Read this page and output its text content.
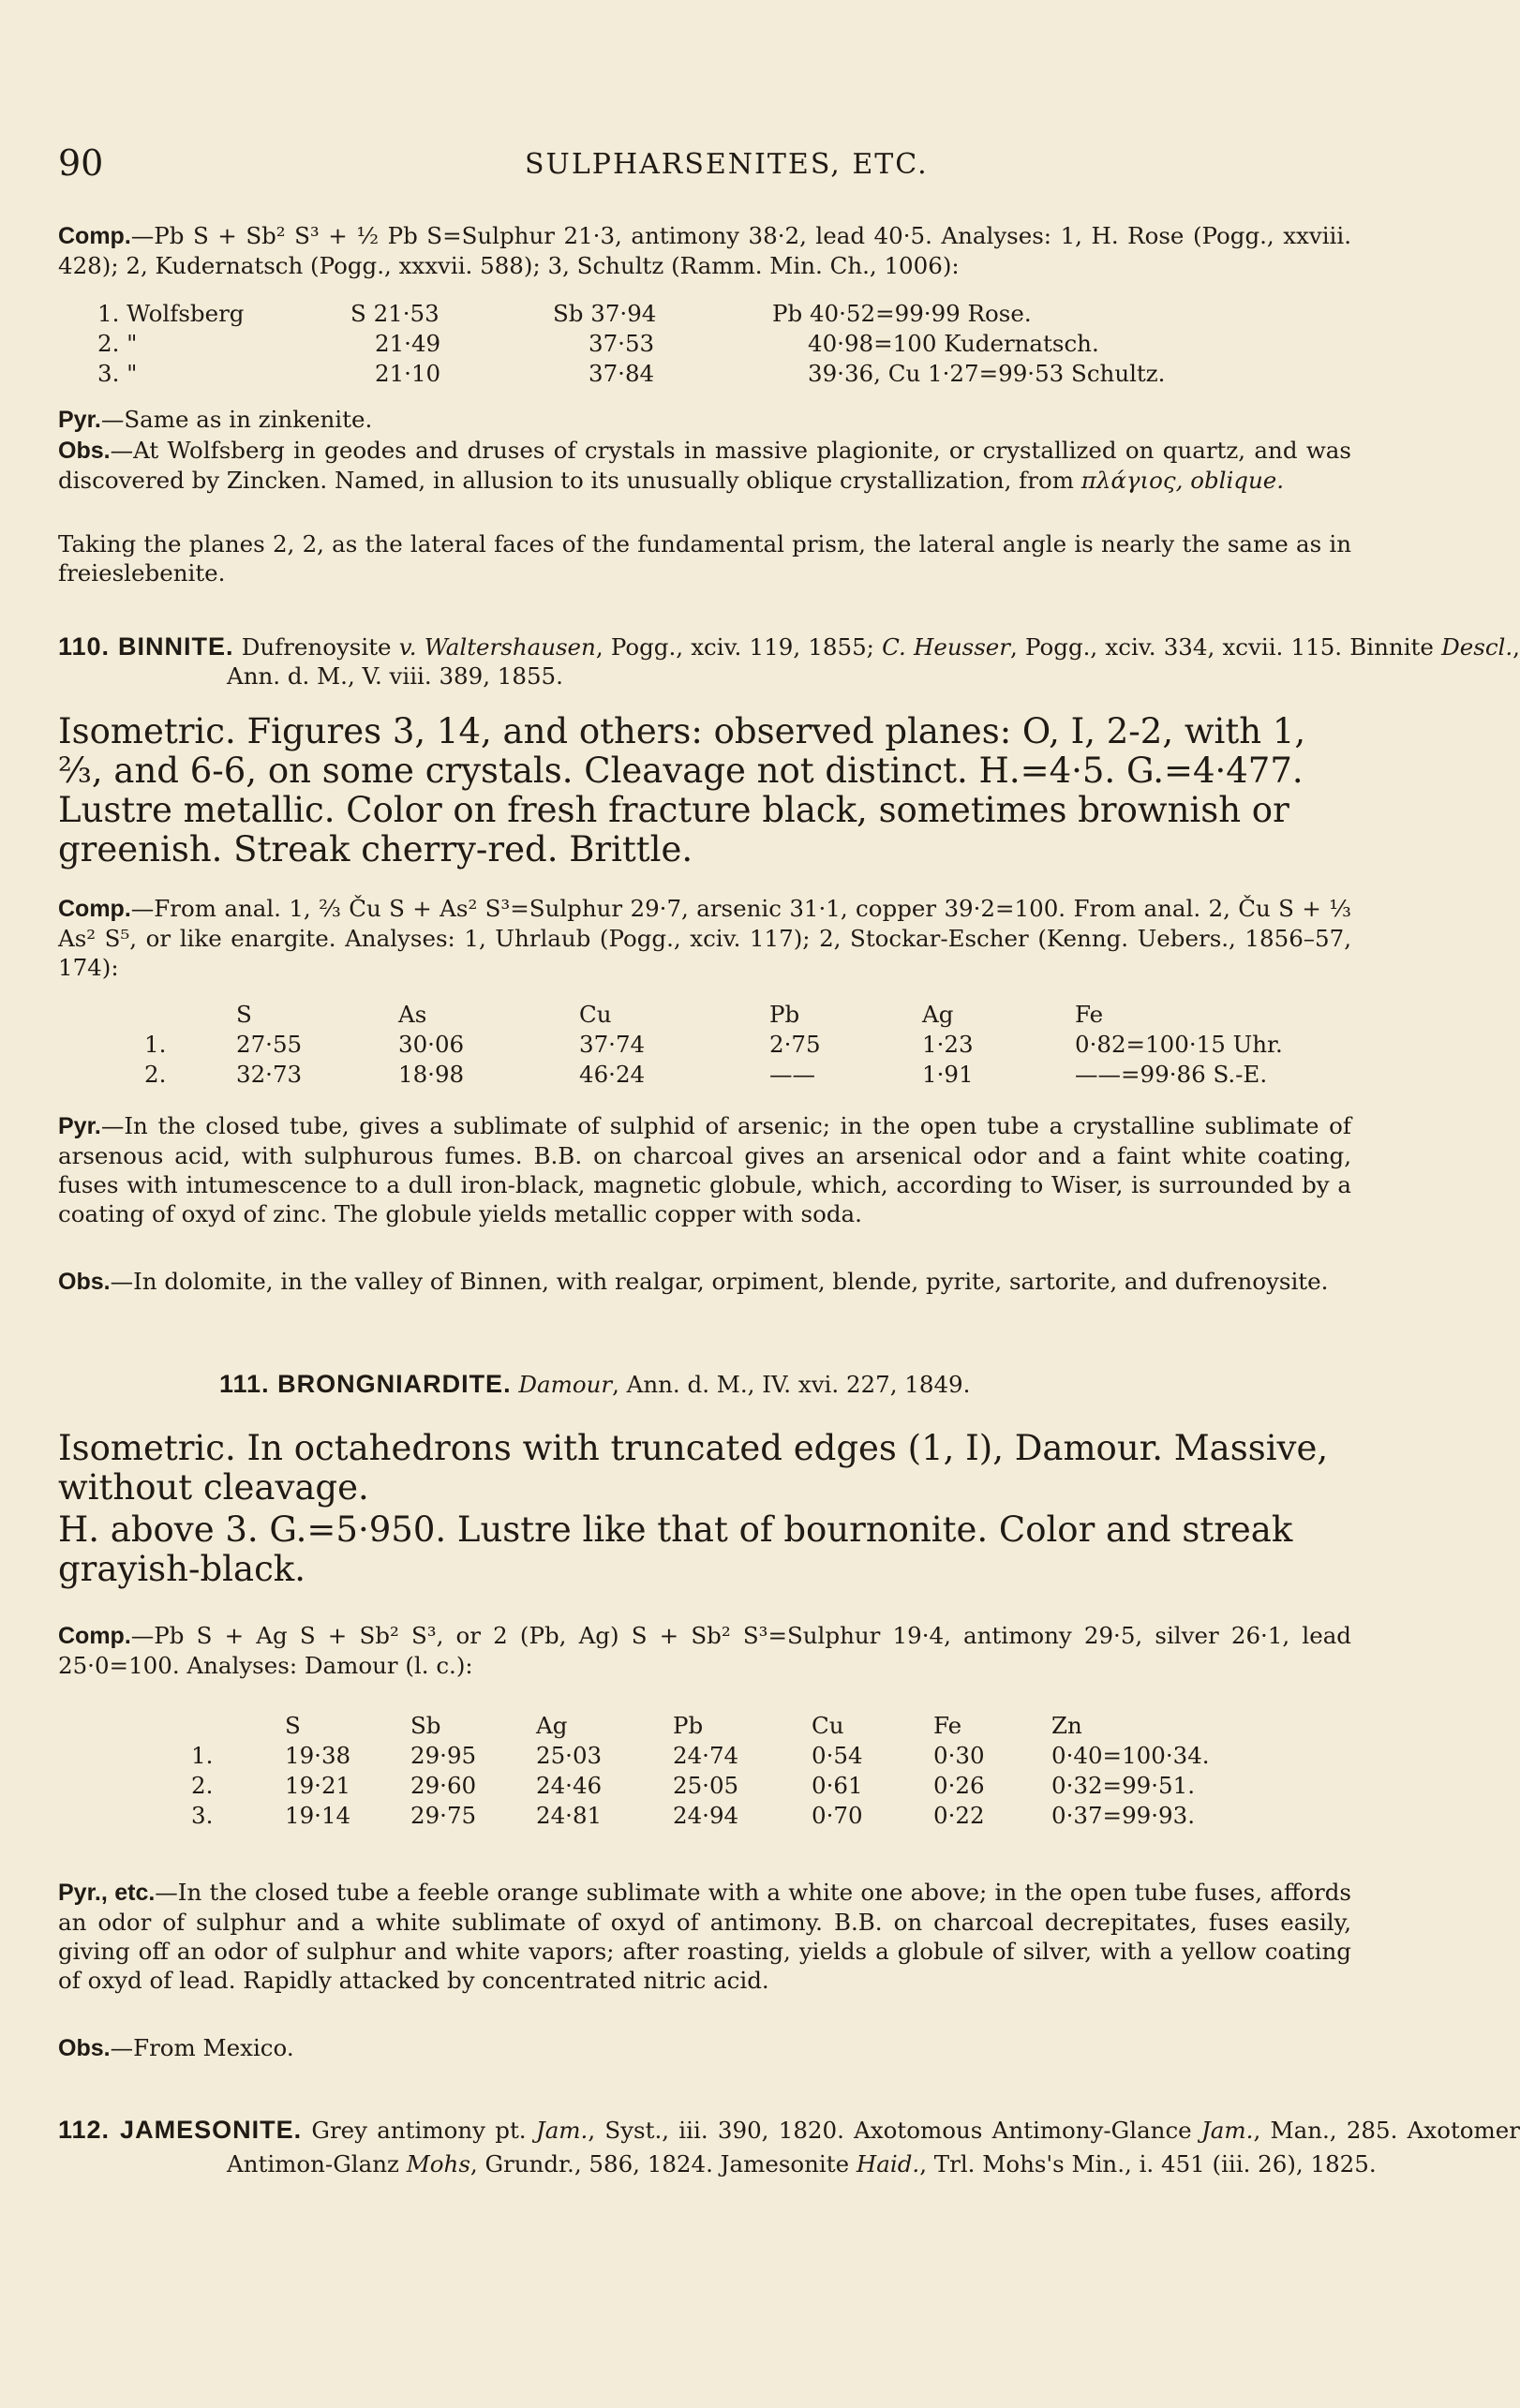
90	SULPHARSENITES, ETC.
Comp.—Pb S + Sb² S³ + ½ Pb S=Sulphur 21·3, antimony 38·2, lead 40·5. Analyses: 1, H. Rose (Pogg., xxviii. 428); 2, Kudernatsch (Pogg., xxxvii. 588); 3, Schultz (Ramm. Min. Ch., 1006):
1. Wolfsberg	S 21·53	Sb 37·94	Pb 40·52=99·99 Rose.
2. "	21·49	37·53	40·98=100 Kudernatsch.
3. "	21·10	37·84	39·36, Cu 1·27=99·53 Schultz.
Pyr.—Same as in zinkenite.
Obs.—At Wolfsberg in geodes and druses of crystals in massive plagionite, or crystallized on quartz, and was discovered by Zincken. Named, in allusion to its unusually oblique crystallization, from πλάγιος, oblique.
Taking the planes 2, 2, as the lateral faces of the fundamental prism, the lateral angle is nearly the same as in freieslebenite.
110. BINNITE. Dufrenoysite v. Waltershausen, Pogg., xciv. 119, 1855; C. Heusser, Pogg., xciv. 334, xcvii. 115. Binnite Descl., Ann. d. M., V. viii. 389, 1855.
Isometric. Figures 3, 14, and others: observed planes: O, I, 2-2, with 1, ⅔, and 6-6, on some crystals. Cleavage not distinct. H.=4·5. G.=4·477. Lustre metallic. Color on fresh fracture black, sometimes brownish or greenish. Streak cherry-red. Brittle.
Comp.—From anal. 1, ⅔ Ču S + As² S³=Sulphur 29·7, arsenic 31·1, copper 39·2=100. From anal. 2, Ču S + ⅓ As² S⁵, or like enargite. Analyses: 1, Uhrlaub (Pogg., xciv. 117); 2, Stockar-Escher (Kenng. Uebers., 1856–57, 174):
	S	As	Cu	Pb	Ag	Fe
1.	27·55	30·06	37·74	2·75	1·23	0·82=100·15 Uhr.
2.	32·73	18·98	46·24	——	1·91	——=99·86 S.-E.
Pyr.—In the closed tube, gives a sublimate of sulphid of arsenic; in the open tube a crystalline sublimate of arsenous acid, with sulphurous fumes. B.B. on charcoal gives an arsenical odor and a faint white coating, fuses with intumescence to a dull iron-black, magnetic globule, which, according to Wiser, is surrounded by a coating of oxyd of zinc. The globule yields metallic copper with soda.
Obs.—In dolomite, in the valley of Binnen, with realgar, orpiment, blende, pyrite, sartorite, and dufrenoysite.
111. BRONGNIARDITE. Damour, Ann. d. M., IV. xvi. 227, 1849.
Isometric. In octahedrons with truncated edges (1, I), Damour. Massive, without cleavage.
H. above 3. G.=5·950. Lustre like that of bournonite. Color and streak grayish-black.
Comp.—Pb S + Ag S + Sb² S³, or 2 (Pb, Ag) S + Sb² S³=Sulphur 19·4, antimony 29·5, silver 26·1, lead 25·0=100. Analyses: Damour (l. c.):
	S	Sb	Ag	Pb	Cu	Fe	Zn
1.	19·38	29·95	25·03	24·74	0·54	0·30	0·40=100·34.
2.	19·21	29·60	24·46	25·05	0·61	0·26	0·32=99·51.
3.	19·14	29·75	24·81	24·94	0·70	0·22	0·37=99·93.
Pyr., etc.—In the closed tube a feeble orange sublimate with a white one above; in the open tube fuses, affords an odor of sulphur and a white sublimate of oxyd of antimony. B.B. on charcoal decrepitates, fuses easily, giving off an odor of sulphur and white vapors; after roasting, yields a globule of silver, with a yellow coating of oxyd of lead. Rapidly attacked by concentrated nitric acid.
Obs.—From Mexico.
112. JAMESONITE. Grey antimony pt. Jam., Syst., iii. 390, 1820. Axotomous Antimony-Glance Jam., Man., 285. Axotomer Antimon-Glanz Mohs, Grundr., 586, 1824. Jamesonite Haid., Trl. Mohs's Min., i. 451 (iii. 26), 1825.
